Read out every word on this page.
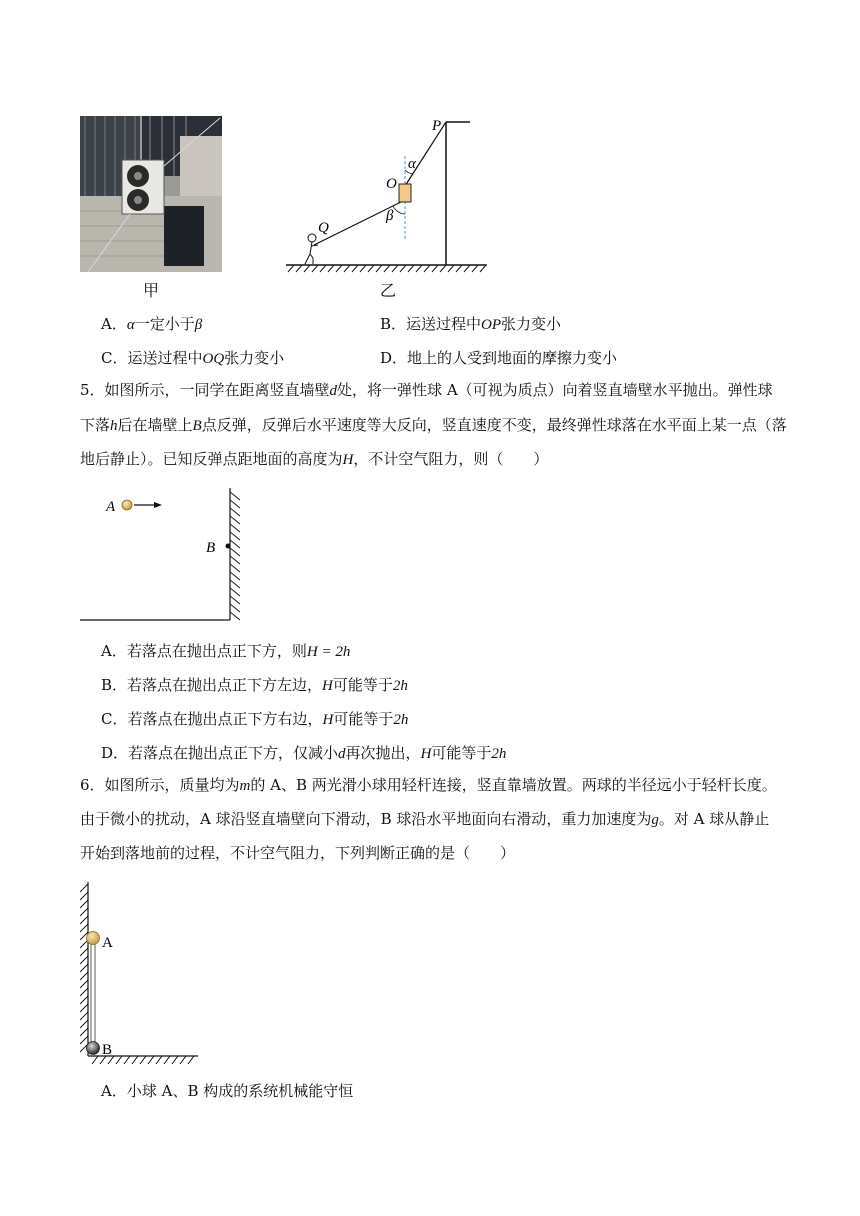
甲
P
O
Q
α
β
乙
A．α一定小于β	B．运送过程中OP张力变小
C．运送过程中OQ张力变小	D．地上的人受到地面的摩擦力变小
5．如图所示，一同学在距离竖直墙壁d处，将一弹性球 A（可视为质点）向着竖直墙壁水平抛出。弹性球
下落h后在墙壁上B点反弹，反弹后水平速度等大反向，竖直速度不变，最终弹性球落在水平面上某一点（落
地后静止）。已知反弹点距地面的高度为H，不计空气阻力，则（　　）
A
B
A．若落点在抛出点正下方，则H = 2h
B．若落点在抛出点正下方左边，H可能等于2h
C．若落点在抛出点正下方右边，H可能等于2h
D．若落点在抛出点正下方，仅减小d再次抛出，H可能等于2h
6．如图所示，质量均为m的 A、B 两光滑小球用轻杆连接，竖直靠墙放置。两球的半径远小于轻杆长度。
由于微小的扰动，A 球沿竖直墙壁向下滑动，B 球沿水平地面向右滑动，重力加速度为g。对 A 球从静止
开始到落地前的过程，不计空气阻力，下列判断正确的是（　　）
A
B
A．小球 A、B 构成的系统机械能守恒
